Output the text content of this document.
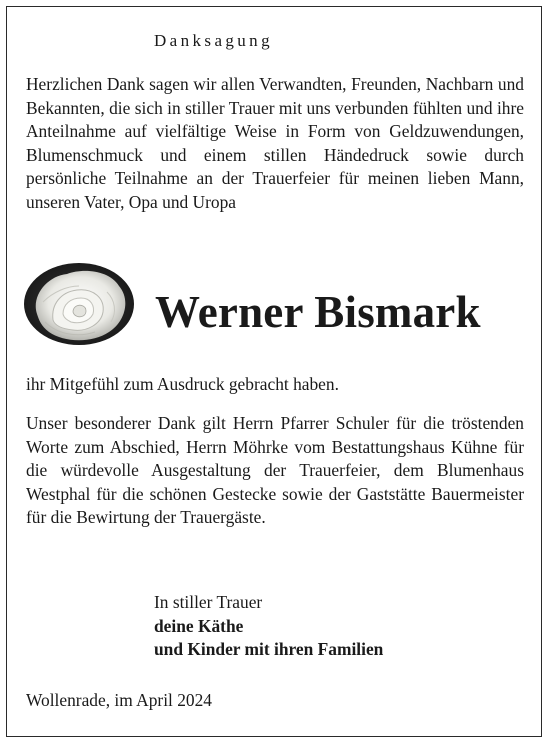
Danksagung
Herzlichen Dank sagen wir allen Verwandten, Freunden, Nachbarn und Bekannten, die sich in stiller Trauer mit uns verbunden fühlten und ihre Anteilnahme auf vielfältige Weise in Form von Geldzuwendungen, Blumenschmuck und einem stillen Händedruck sowie durch persönliche Teilnahme an der Trauerfeier für meinen lieben Mann, unseren Vater, Opa und Uropa
Werner Bismark
ihr Mitgefühl zum Ausdruck gebracht haben.
Unser besonderer Dank gilt Herrn Pfarrer Schuler für die tröstenden Worte zum Abschied, Herrn Möhrke vom Bestattungshaus Kühne für die würdevolle Ausgestaltung der Trauerfeier, dem Blumenhaus Westphal für die schönen Gestecke sowie der Gaststätte Bauermeister für die Bewirtung der Trauergäste.
In stiller Trauer
deine Käthe
und Kinder mit ihren Familien
Wollenrade, im April 2024
